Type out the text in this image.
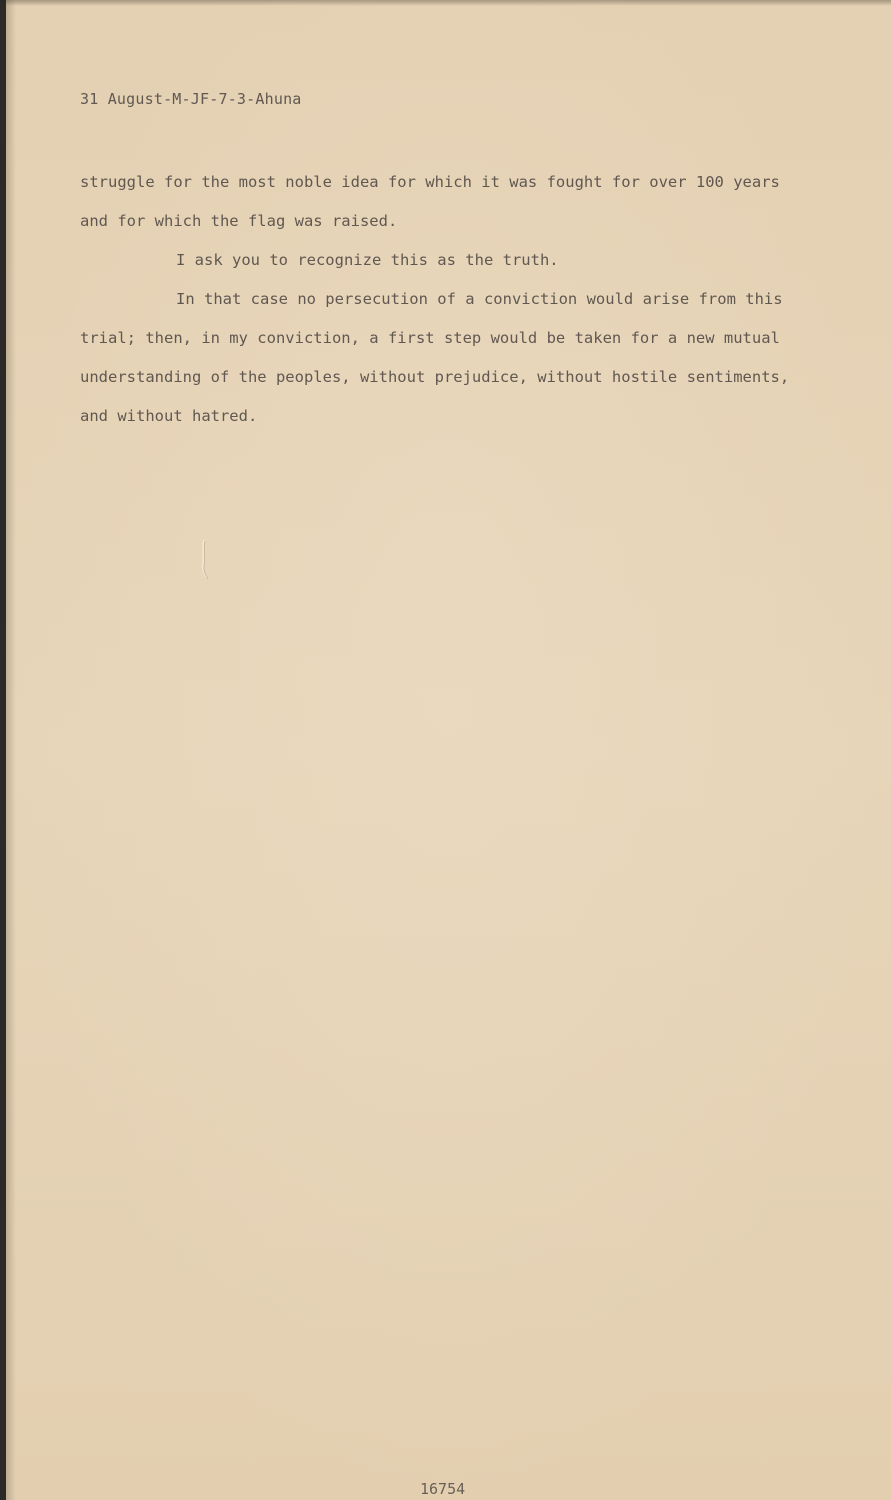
31 August-M-JF-7-3-Ahuna
struggle for the most noble idea for which it was fought for over 100 years
and for which the flag was raised.
I ask you to recognize this as the truth.
In that case no persecution of a conviction would arise from this
trial; then, in my conviction, a first step would be taken for a new mutual
understanding of the peoples, without prejudice, without hostile sentiments,
and without hatred.
16754
